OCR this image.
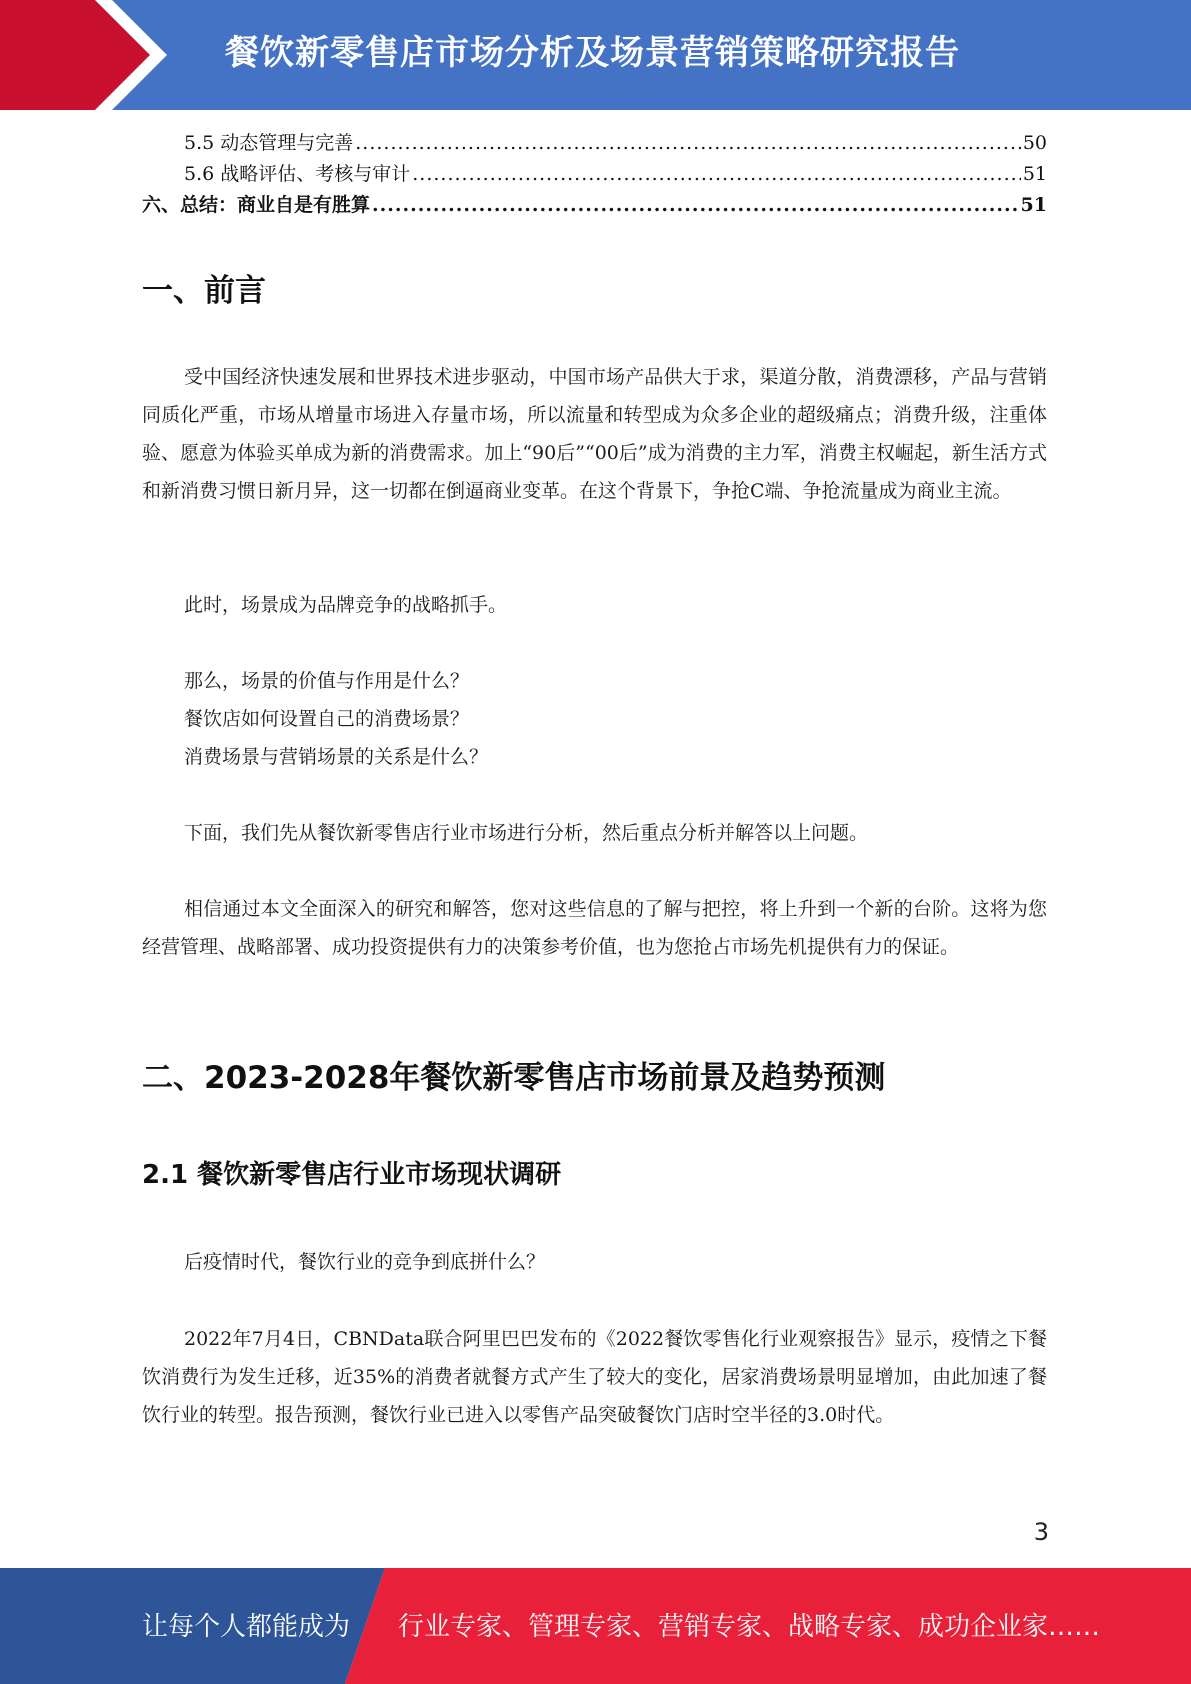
餐饮新零售店市场分析及场景营销策略研究报告
5.5 动态管理与完善 .....	50
5.6 战略评估、考核与审计 .....	51
六、总结：商业自是有胜算 .....	51
一、前言
受中国经济快速发展和世界技术进步驱动，中国市场产品供大于求，渠道分散，消费漂移，产品与营销同质化严重，市场从增量市场进入存量市场，所以流量和转型成为众多企业的超级痛点；消费升级，注重体验、愿意为体验买单成为新的消费需求。加上“90后”“00后”成为消费的主力军，消费主权崛起，新生活方式和新消费习惯日新月异，这一切都在倒逼商业变革。在这个背景下，争抢C端、争抢流量成为商业主流。
此时，场景成为品牌竞争的战略抓手。
那么，场景的价值与作用是什么？
餐饮店如何设置自己的消费场景？
消费场景与营销场景的关系是什么？
下面，我们先从餐饮新零售店行业市场进行分析，然后重点分析并解答以上问题。
相信通过本文全面深入的研究和解答，您对这些信息的了解与把控，将上升到一个新的台阶。这将为您经营管理、战略部署、成功投资提供有力的决策参考价值，也为您抢占市场先机提供有力的保证。
二、2023-2028年餐饮新零售店市场前景及趋势预测
2.1 餐饮新零售店行业市场现状调研
后疫情时代，餐饮行业的竞争到底拼什么？
2022年7月4日，CBNData联合阿里巴巴发布的《2022餐饮零售化行业观察报告》显示，疫情之下餐饮消费行为发生迁移，近35%的消费者就餐方式产生了较大的变化，居家消费场景明显增加，由此加速了餐饮行业的转型。报告预测，餐饮行业已进入以零售产品突破餐饮门店时空半径的3.0时代。
3
让每个人都能成为 行业专家、管理专家、营销专家、战略专家、成功企业家……
